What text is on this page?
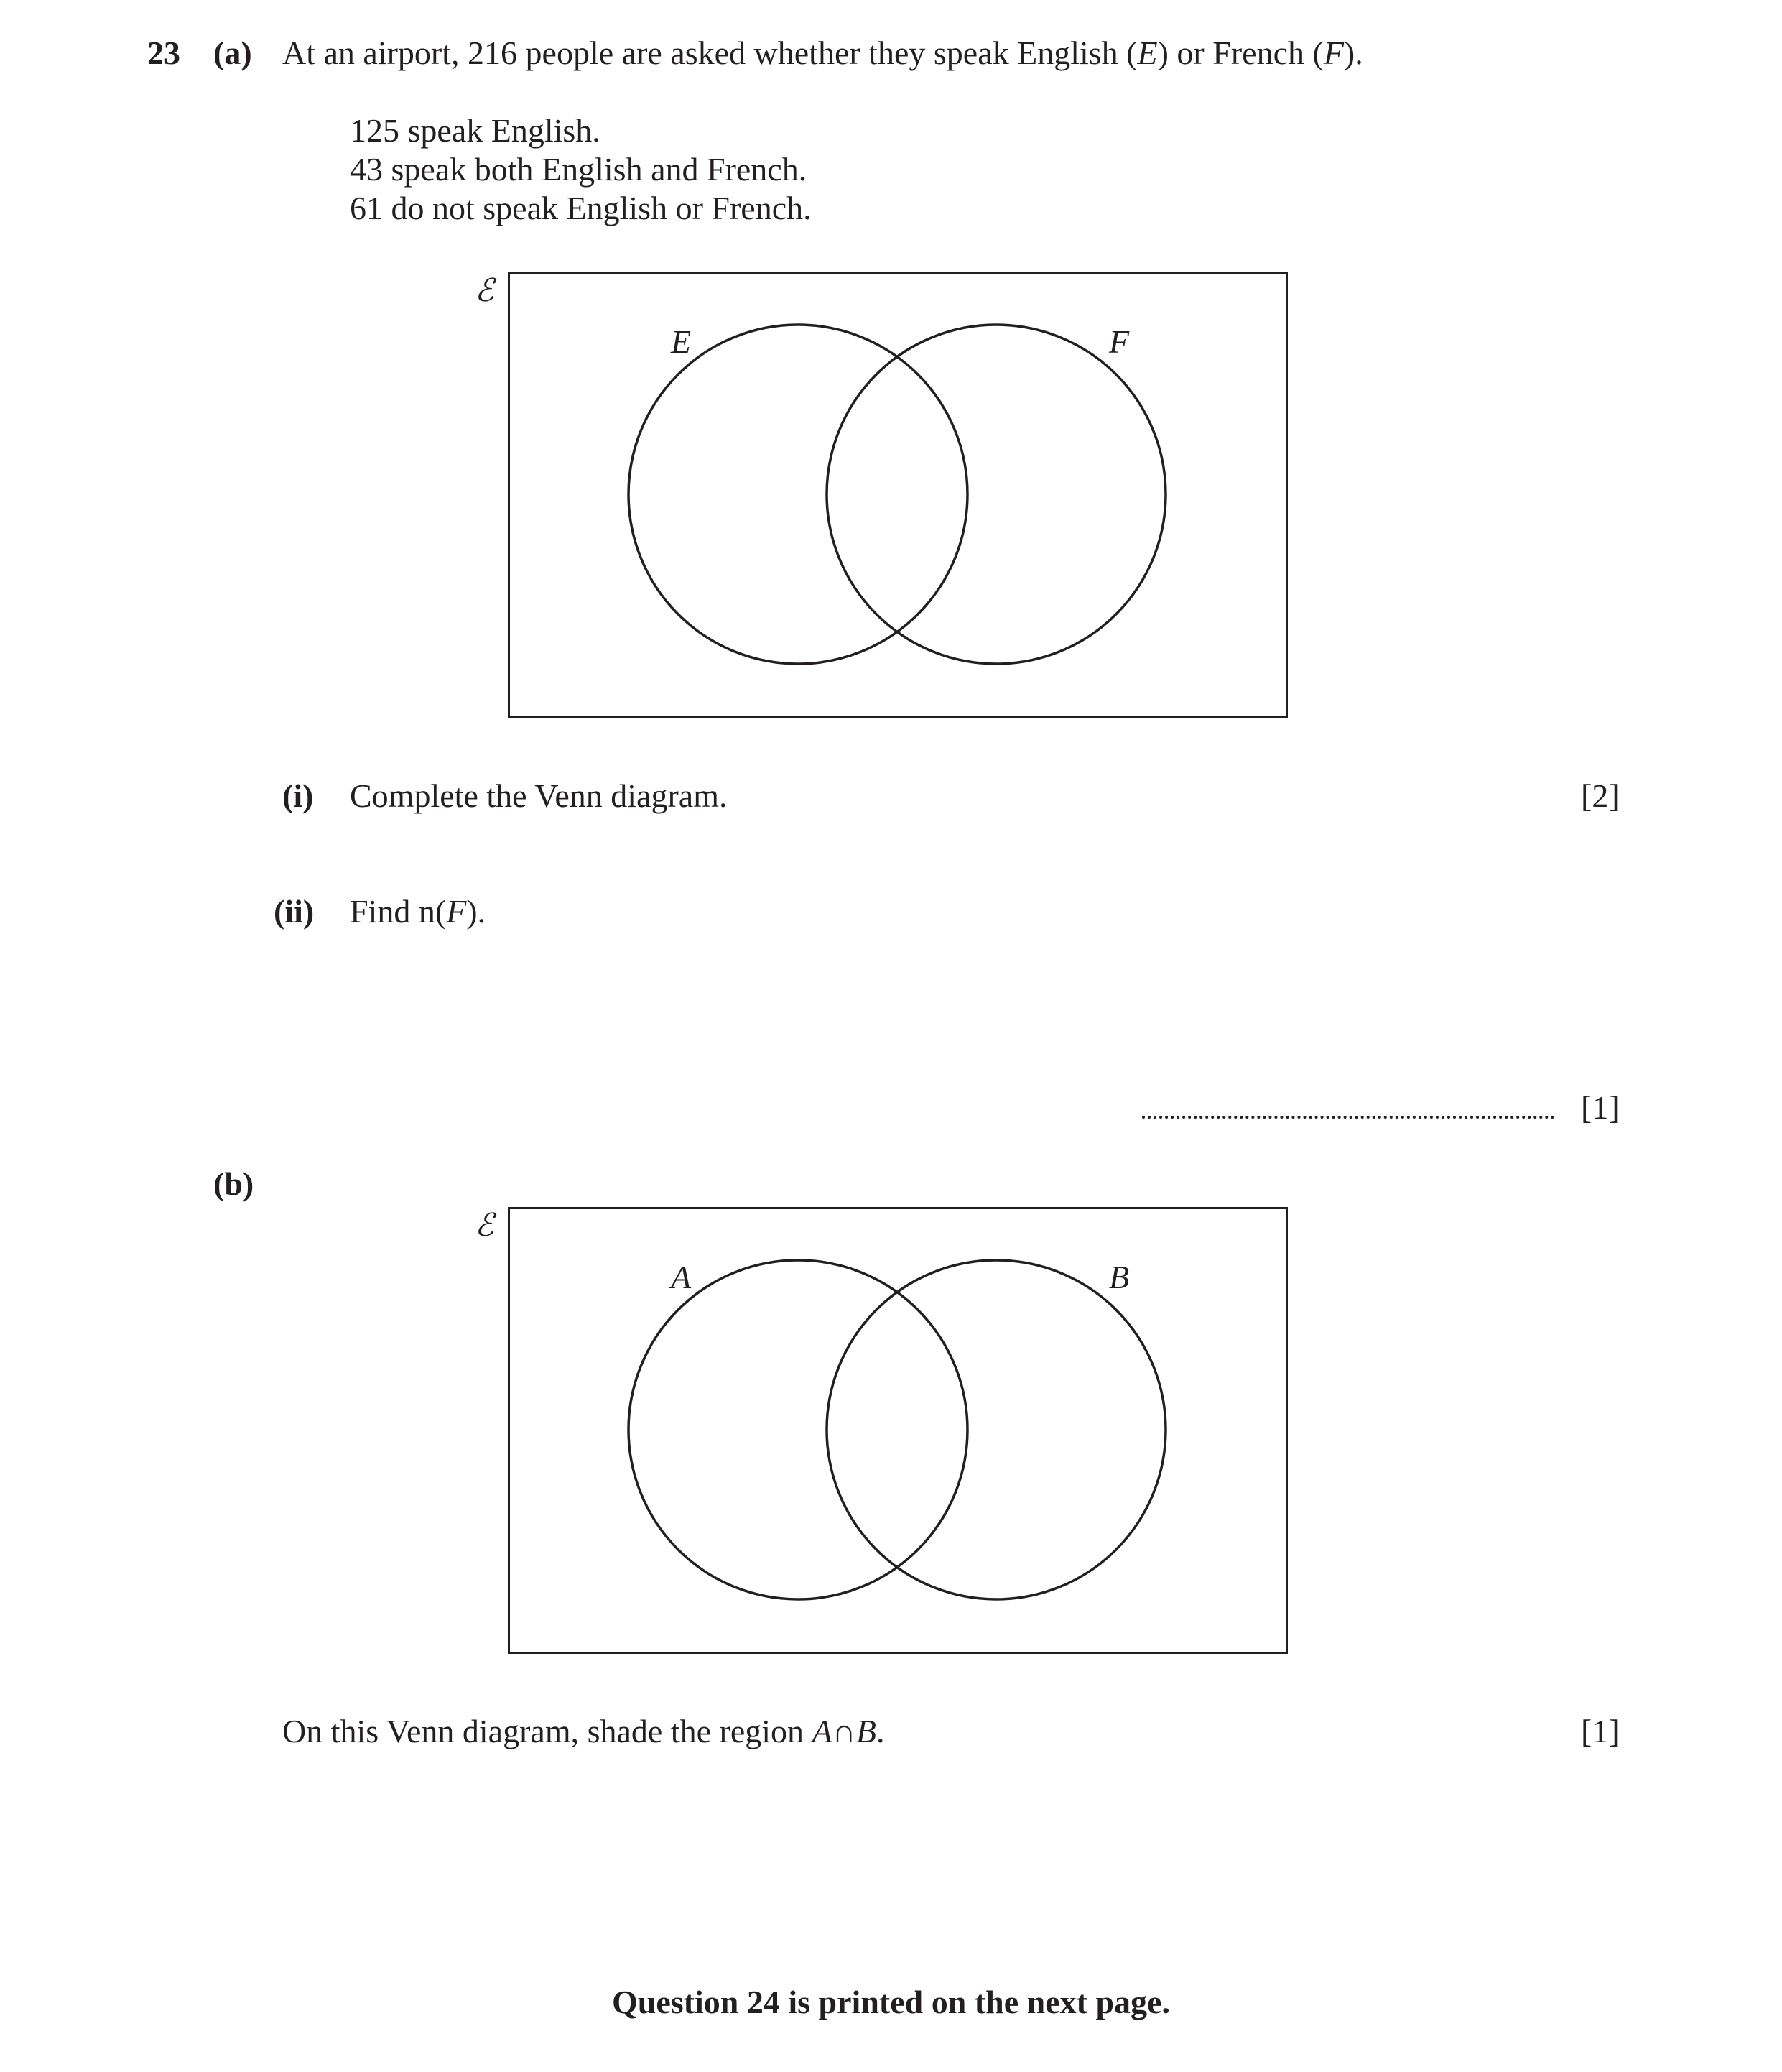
23 (a) At an airport, 216 people are asked whether they speak English (E) or French (F).
125 speak English.
43 speak both English and French.
61 do not speak English or French.
ℰ
E	F
(i) Complete the Venn diagram.	[2]
(ii) Find n(F).
[1]
(b)
ℰ
A	B
On this Venn diagram, shade the region A∩B.	[1]
Question 24 is printed on the next page.
